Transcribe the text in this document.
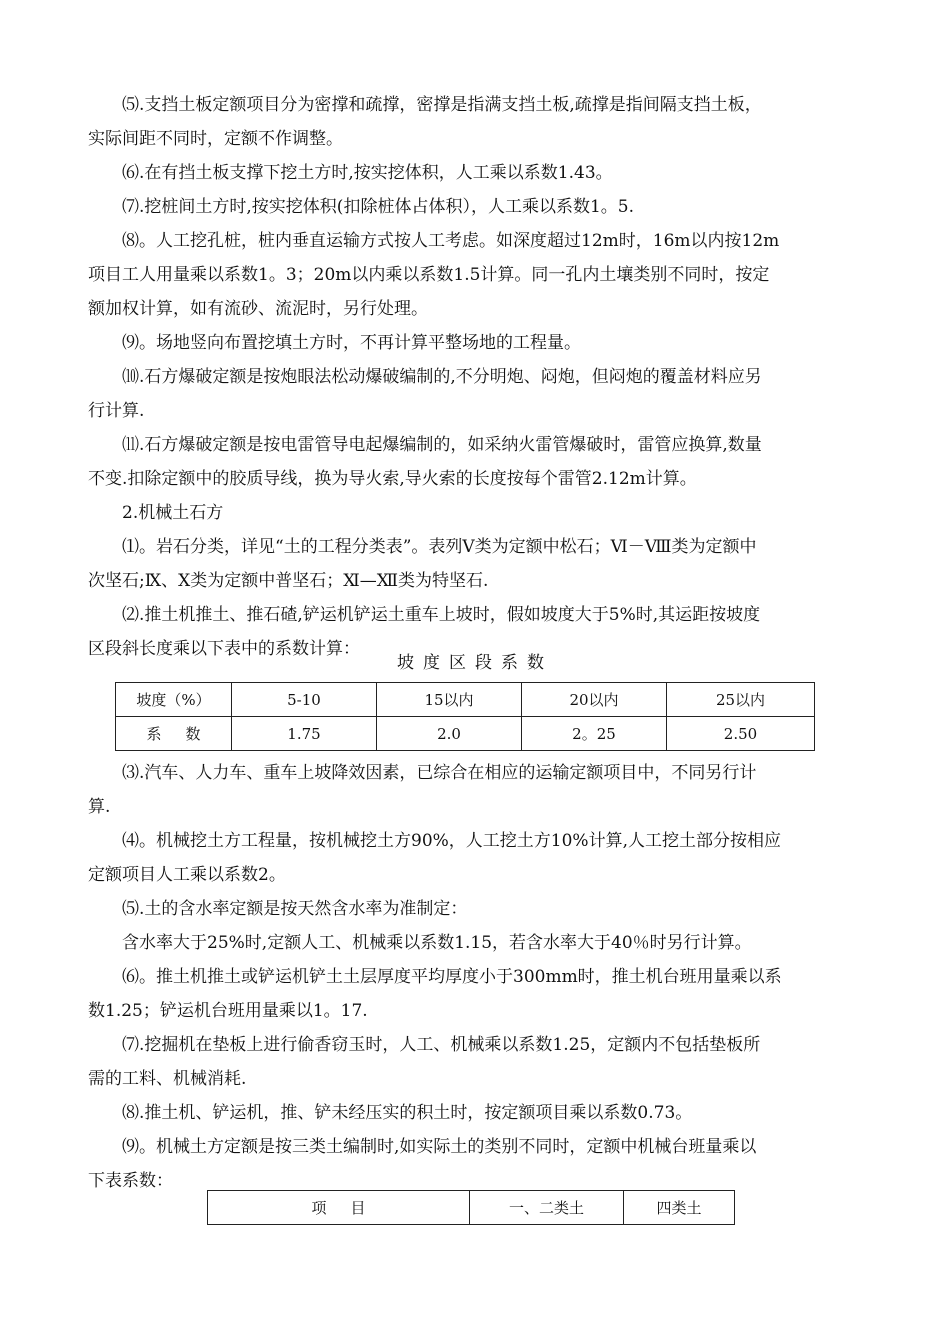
⑸.支挡土板定额项目分为密撑和疏撑，密撑是指满支挡土板,疏撑是指间隔支挡土板，
实际间距不同时，定额不作调整。
⑹.在有挡土板支撑下挖土方时,按实挖体积，人工乘以系数1.43。
⑺.挖桩间土方时,按实挖体积(扣除桩体占体积），人工乘以系数1。5.
⑻。人工挖孔桩，桩内垂直运输方式按人工考虑。如深度超过12m时，16m以内按12m
项目工人用量乘以系数1。3；20m以内乘以系数1.5计算。同一孔内土壤类别不同时，按定
额加权计算，如有流砂、流泥时，另行处理。
⑼。场地竖向布置挖填土方时，不再计算平整场地的工程量。
⑽.石方爆破定额是按炮眼法松动爆破编制的,不分明炮、闷炮，但闷炮的覆盖材料应另
行计算.
⑾.石方爆破定额是按电雷管导电起爆编制的，如采纳火雷管爆破时，雷管应换算,数量
不变.扣除定额中的胶质导线，换为导火索,导火索的长度按每个雷管2.12m计算。
2.机械土石方
⑴。岩石分类，详见“土的工程分类表”。表列Ⅴ类为定额中松石；Ⅵ－Ⅷ类为定额中
次坚石;Ⅸ、Ⅹ类为定额中普坚石；Ⅺ—Ⅻ类为特坚石.
⑵.推土机推土、推石碴,铲运机铲运土重车上坡时，假如坡度大于5%时,其运距按坡度
区段斜长度乘以下表中的系数计算：
坡度区段系数
坡度（%）	5-10	15以内	20以内	25以内
系数	1.75	2.0	2。25	2.50
⑶.汽车、人力车、重车上坡降效因素，已综合在相应的运输定额项目中，不同另行计
算.
⑷。机械挖土方工程量，按机械挖土方90%，人工挖土方10%计算,人工挖土部分按相应
定额项目人工乘以系数2。
⑸.土的含水率定额是按天然含水率为准制定：
含水率大于25%时,定额人工、机械乘以系数1.15，若含水率大于40％时另行计算。
⑹。推土机推土或铲运机铲土土层厚度平均厚度小于300mm时，推土机台班用量乘以系
数1.25；铲运机台班用量乘以1。17.
⑺.挖掘机在垫板上进行偷香窃玉时，人工、机械乘以系数1.25，定额内不包括垫板所
需的工料、机械消耗.
⑻.推土机、铲运机，推、铲未经压实的积土时，按定额项目乘以系数0.73。
⑼。机械土方定额是按三类土编制时,如实际土的类别不同时，定额中机械台班量乘以
下表系数：
项目	一、二类土	四类土
